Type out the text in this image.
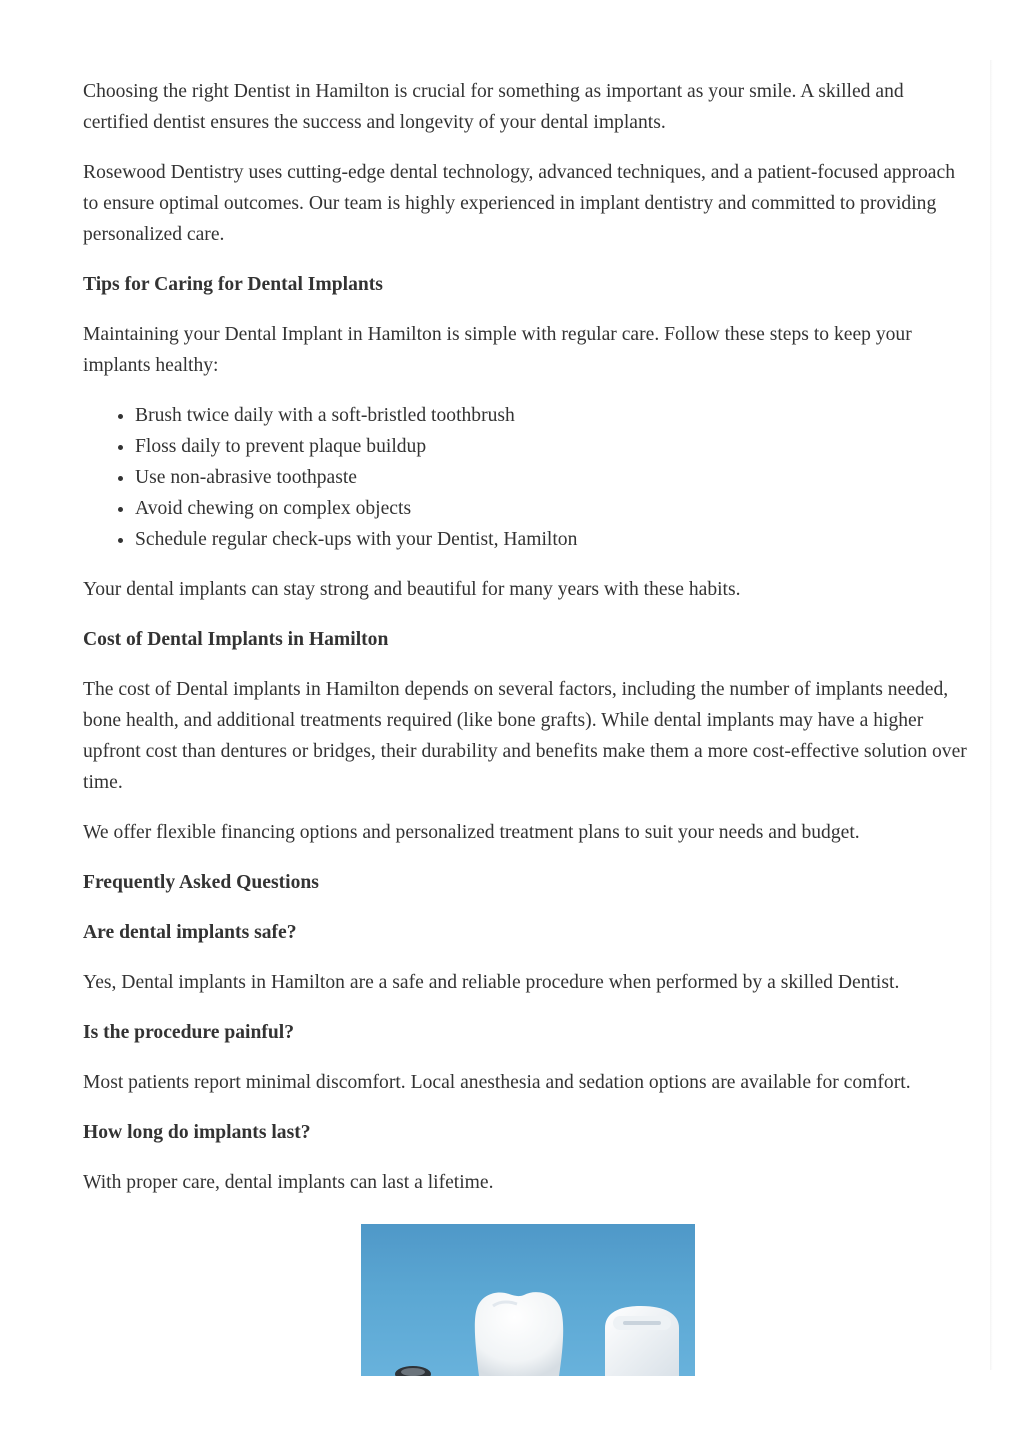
Choosing the right Dentist in Hamilton is crucial for something as important as your smile. A skilled and certified dentist ensures the success and longevity of your dental implants.

Rosewood Dentistry uses cutting-edge dental technology, advanced techniques, and a patient-focused approach to ensure optimal outcomes. Our team is highly experienced in implant dentistry and committed to providing personalized care.

Tips for Caring for Dental Implants

Maintaining your Dental Implant in Hamilton is simple with regular care. Follow these steps to keep your implants healthy:

• Brush twice daily with a soft-bristled toothbrush
• Floss daily to prevent plaque buildup
• Use non-abrasive toothpaste
• Avoid chewing on complex objects
• Schedule regular check-ups with your Dentist, Hamilton

Your dental implants can stay strong and beautiful for many years with these habits.

Cost of Dental Implants in Hamilton

The cost of Dental implants in Hamilton depends on several factors, including the number of implants needed, bone health, and additional treatments required (like bone grafts). While dental implants may have a higher upfront cost than dentures or bridges, their durability and benefits make them a more cost-effective solution over time.

We offer flexible financing options and personalized treatment plans to suit your needs and budget.

Frequently Asked Questions

Are dental implants safe?

Yes, Dental implants in Hamilton are a safe and reliable procedure when performed by a skilled Dentist.

Is the procedure painful?

Most patients report minimal discomfort. Local anesthesia and sedation options are available for comfort.

How long do implants last?

With proper care, dental implants can last a lifetime.
